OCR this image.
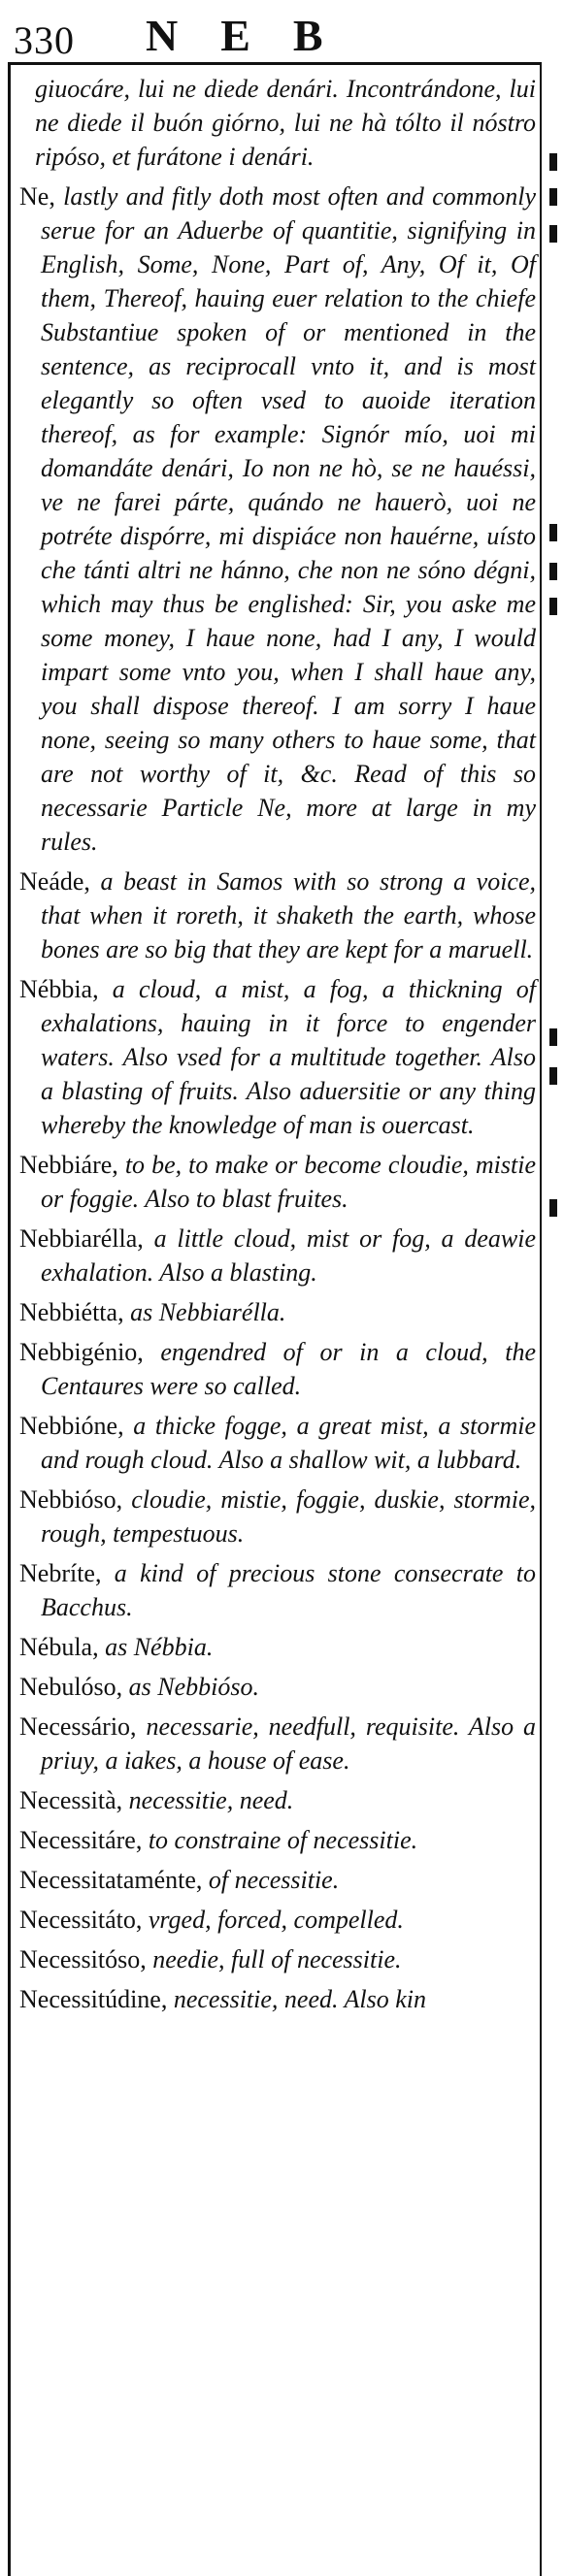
330 NEB

giuocáre, lui ne diede denári. Incontrándone, lui ne diede il buón giórno, lui ne hà tólto il nóstro ripóso, et furátone i denári.

Ne, lastly and fitly doth most often and commonly serue for an Aduerbe of quantitie, signifying in English, Some, None, Part of, Any, Of it, Of them, Thereof, hauing euer relation to the chiefe Substantiue spoken of or mentioned in the sentence, as reciprocall vnto it, and is most elegantly so often vsed to auoide iteration thereof, as for example: Signór mío, uoi mi domandáte denári, Io non ne hò, se ne hauéssi, ve ne farei párte, quándo ne hauerò, uoi ne potréte dispórre, mi dispiáce non hauérne, uísto che tánti altri ne hánno, che non ne sóno dégni, which may thus be englished: Sir, you aske me some money, I haue none, had I any, I would impart some vnto you, when I shall haue any, you shall dispose thereof. I am sorry I haue none, seeing so many others to haue some, that are not worthy of it, &c. Read of this so necessarie Particle Ne, more at large in my rules.

Neáde, a beast in Samos with so strong a voice, that when it roreth, it shaketh the earth, whose bones are so big that they are kept for a maruell.

Nébbia, a cloud, a mist, a fog, a thickning of exhalations, hauing in it force to engender waters. Also vsed for a multitude together. Also a blasting of fruits. Also aduersitie or any thing whereby the knowledge of man is ouercast.

Nebbiáre, to be, to make or become cloudie, mistie or foggie. Also to blast fruites.

Nebbiarélla, a little cloud, mist or fog, a deawie exhalation. Also a blasting.

Nebbiétta, as Nebbiarélla.

Nebbigénio, engendred of or in a cloud, the Centaures were so called.

Nebbióne, a thicke fogge, a great mist, a stormie and rough cloud. Also a shallow wit, a lubbard.

Nebbióso, cloudie, mistie, foggie, duskie, stormie, rough, tempestuous.

Nebríte, a kind of precious stone consecrate to Bacchus.

Nébula, as Nébbia.

Nebulóso, as Nebbióso.

Necessário, necessarie, needfull, requisite. Also a priuy, a iakes, a house of ease.

Necessità, necessitie, need.

Necessitáre, to constraine of necessitie.

Necessitataménte, of necessitie.

Necessitáto, vrged, forced, compelled.

Necessitóso, needie, full of necessitie.

Necessitúdine, necessitie, need. Also kin
